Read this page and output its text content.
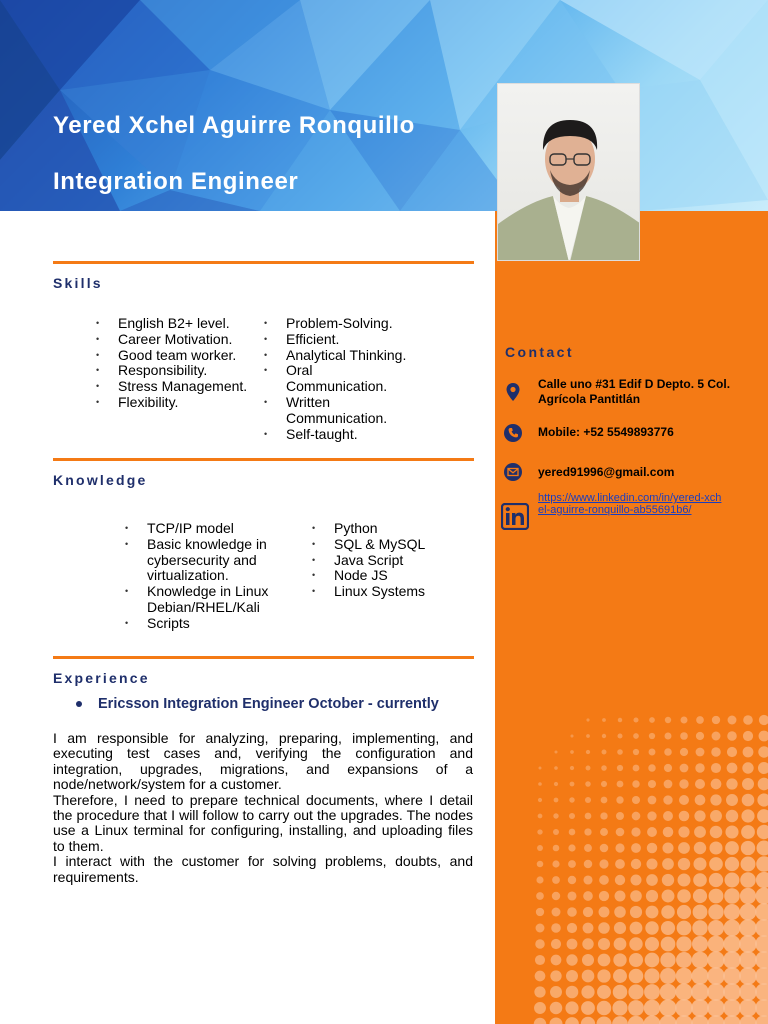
Yered Xchel Aguirre Ronquillo
Integration Engineer
Skills
• English B2+ level.
• Career Motivation.
• Good team worker.
• Responsibility.
• Stress Management.
• Flexibility.
• Problem-Solving.
• Efficient.
• Analytical Thinking.
• Oral Communication.
• Written Communication.
• Self-taught.
Knowledge
• TCP/IP model
• Basic knowledge in cybersecurity and virtualization.
• Knowledge in Linux Debian/RHEL/Kali
• Scripts
• Python
• SQL & MySQL
• Java Script
• Node JS
• Linux Systems
Experience
Ericsson Integration Engineer October - currently

I am responsible for analyzing, preparing, implementing, and executing test cases and, verifying the configuration and integration, upgrades, migrations, and expansions of a node/network/system for a customer.

Therefore, I need to prepare technical documents, where I detail the procedure that I will follow to carry out the upgrades. The nodes use a Linux terminal for configuring, installing, and uploading files to them.

I interact with the customer for solving problems, doubts, and requirements.

Contact
Calle uno #31 Edif D Depto. 5 Col. Agrícola Pantitlán
Mobile: +52 5549893776
yered91996@gmail.com
https://www.linkedin.com/in/yered-xchel-aguirre-ronquillo-ab55691b6/
